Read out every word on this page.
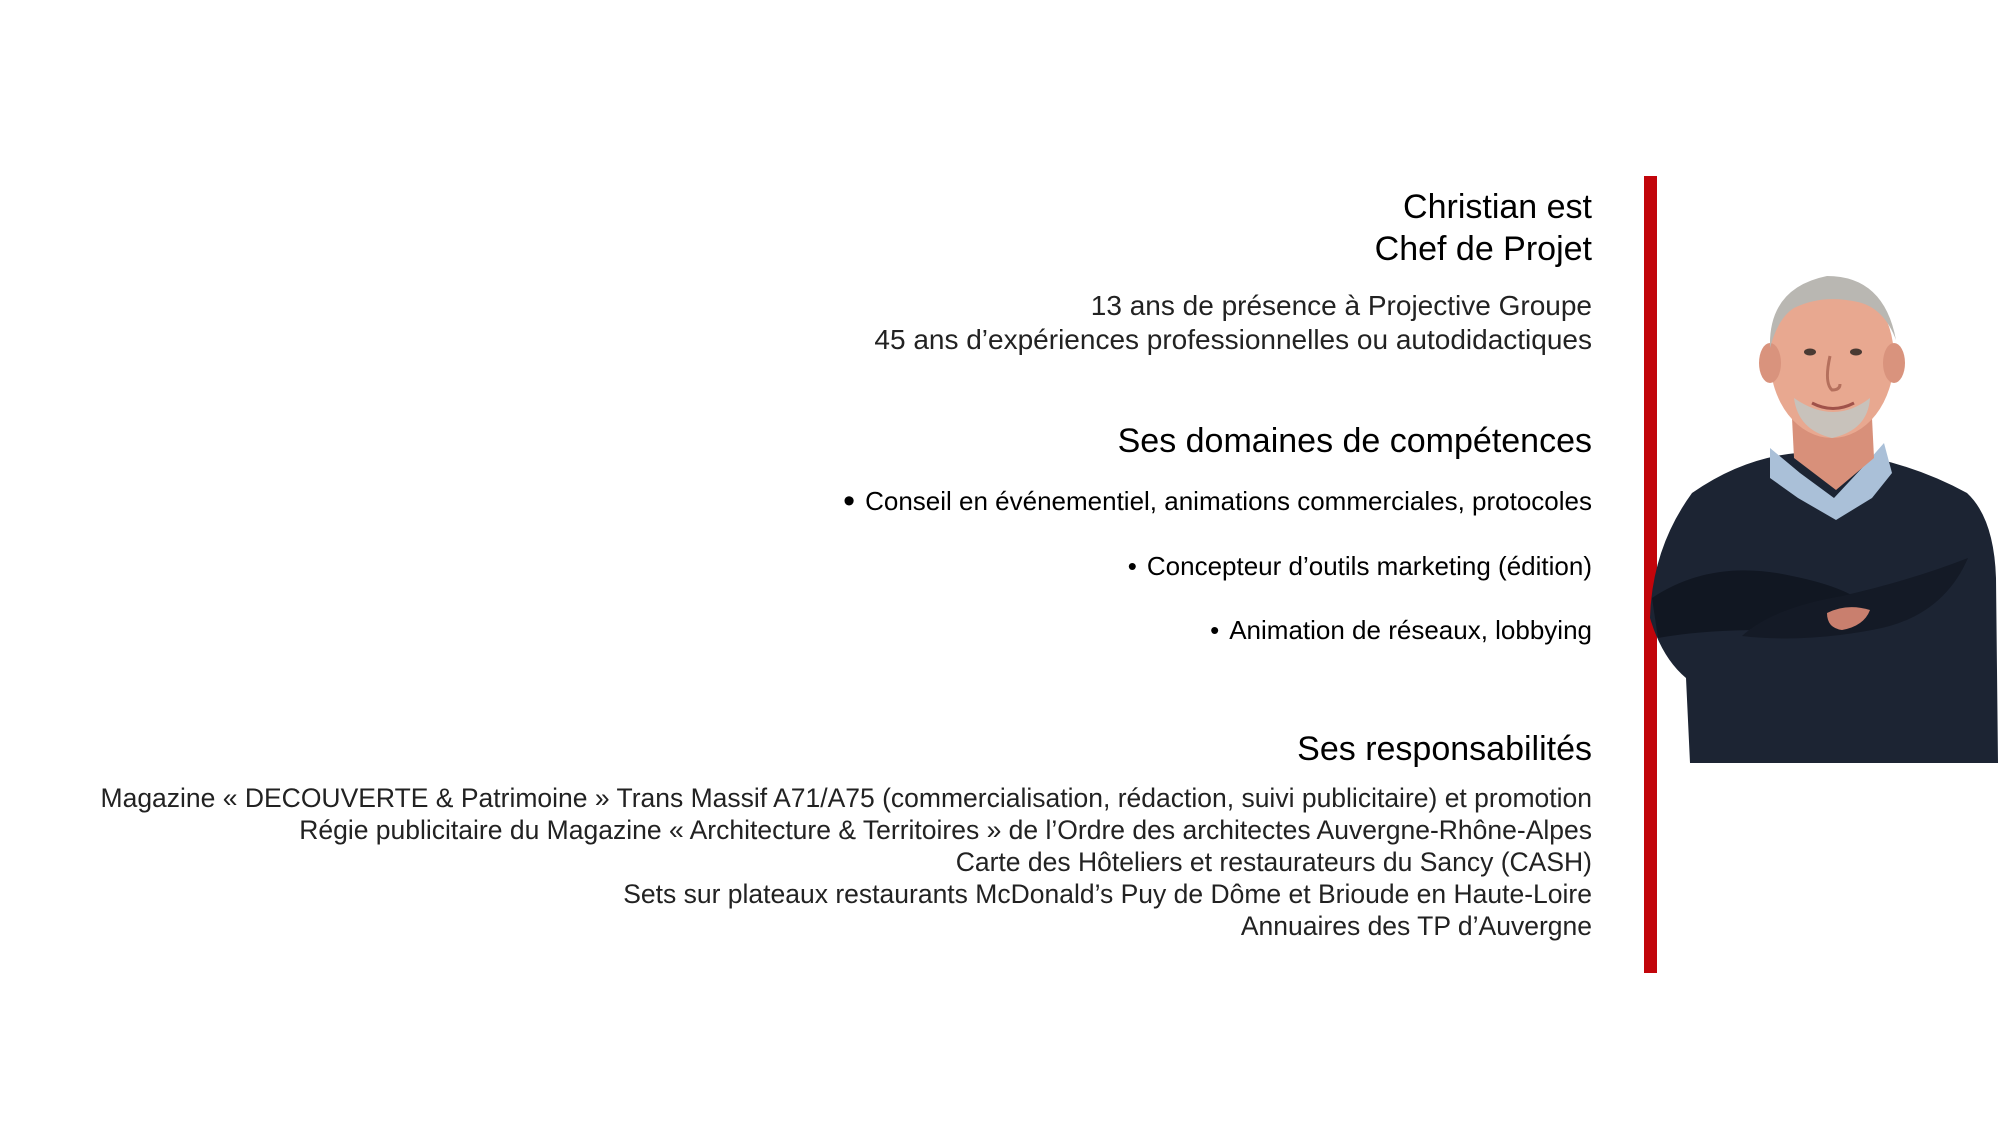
Christian est
Chef de Projet
13 ans de présence à Projective Groupe
45 ans d’expériences professionnelles ou autodidactiques
Ses domaines de compétences
• Conseil en événementiel, animations commerciales, protocoles
• Concepteur d’outils marketing (édition)
• Animation de réseaux, lobbying
Ses responsabilités
Magazine « DECOUVERTE & Patrimoine » Trans Massif A71/A75 (commercialisation, rédaction, suivi publicitaire) et promotion
Régie publicitaire du Magazine « Architecture & Territoires » de l’Ordre des architectes Auvergne-Rhône-Alpes
Carte des Hôteliers et restaurateurs du Sancy (CASH)
Sets sur plateaux restaurants McDonald’s Puy de Dôme et Brioude en Haute-Loire
Annuaires des TP d’Auvergne
